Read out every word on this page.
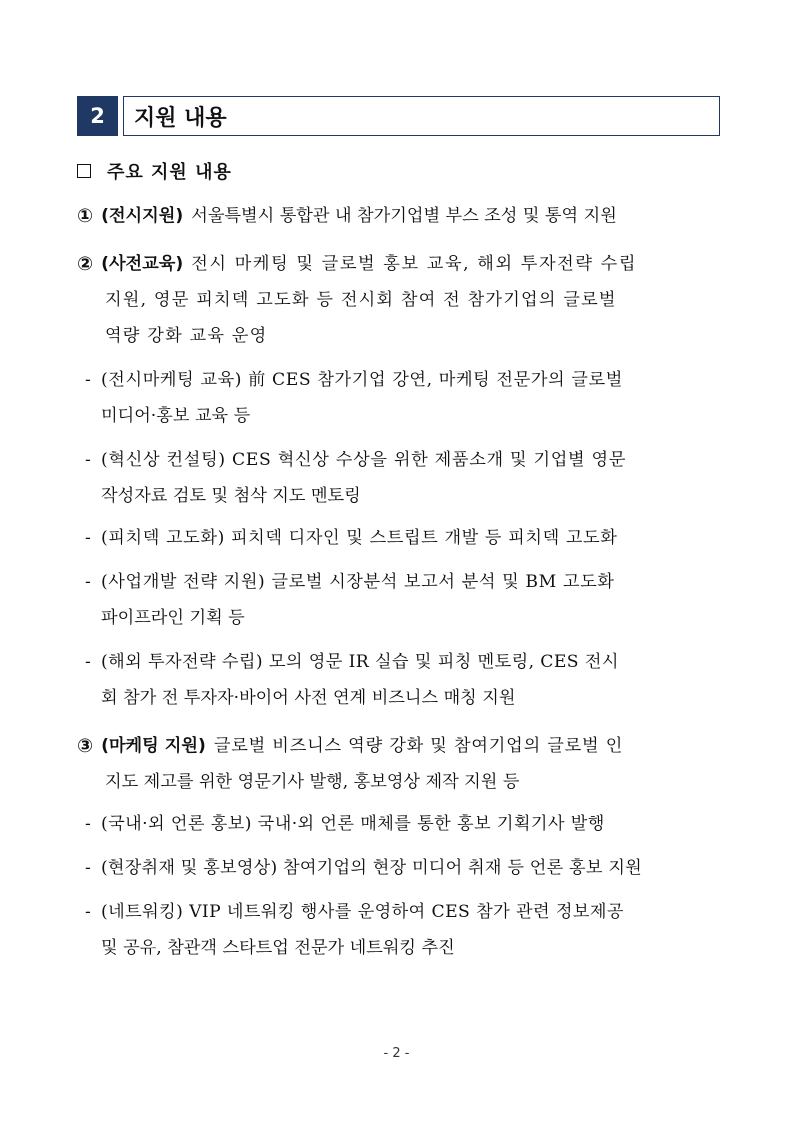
2	지원 내용
주요 지원 내용
① (전시지원) 서울특별시 통합관 내 참가기업별 부스 조성 및 통역 지원
② (사전교육) 전시 마케팅 및 글로벌 홍보 교육, 해외 투자전략 수립
지원, 영문 피치덱 고도화 등 전시회 참여 전 참가기업의 글로벌
역량 강화 교육 운영
- (전시마케팅 교육) 前 CES 참가기업 강연, 마케팅 전문가의 글로벌
미디어·홍보 교육 등
- (혁신상 컨설팅) CES 혁신상 수상을 위한 제품소개 및 기업별 영문
작성자료 검토 및 첨삭 지도 멘토링
- (피치덱 고도화) 피치덱 디자인 및 스트립트 개발 등 피치덱 고도화
- (사업개발 전략 지원) 글로벌 시장분석 보고서 분석 및 BM 고도화
파이프라인 기획 등
- (해외 투자전략 수립) 모의 영문 IR 실습 및 피칭 멘토링, CES 전시
회 참가 전 투자자·바이어 사전 연계 비즈니스 매칭 지원
③ (마케팅 지원) 글로벌 비즈니스 역량 강화 및 참여기업의 글로벌 인
지도 제고를 위한 영문기사 발행, 홍보영상 제작 지원 등
- (국내·외 언론 홍보) 국내·외 언론 매체를 통한 홍보 기획기사 발행
- (현장취재 및 홍보영상) 참여기업의 현장 미디어 취재 등 언론 홍보 지원
- (네트워킹) VIP 네트워킹 행사를 운영하여 CES 참가 관련 정보제공
및 공유, 참관객 스타트업 전문가 네트워킹 추진
- 2 -
